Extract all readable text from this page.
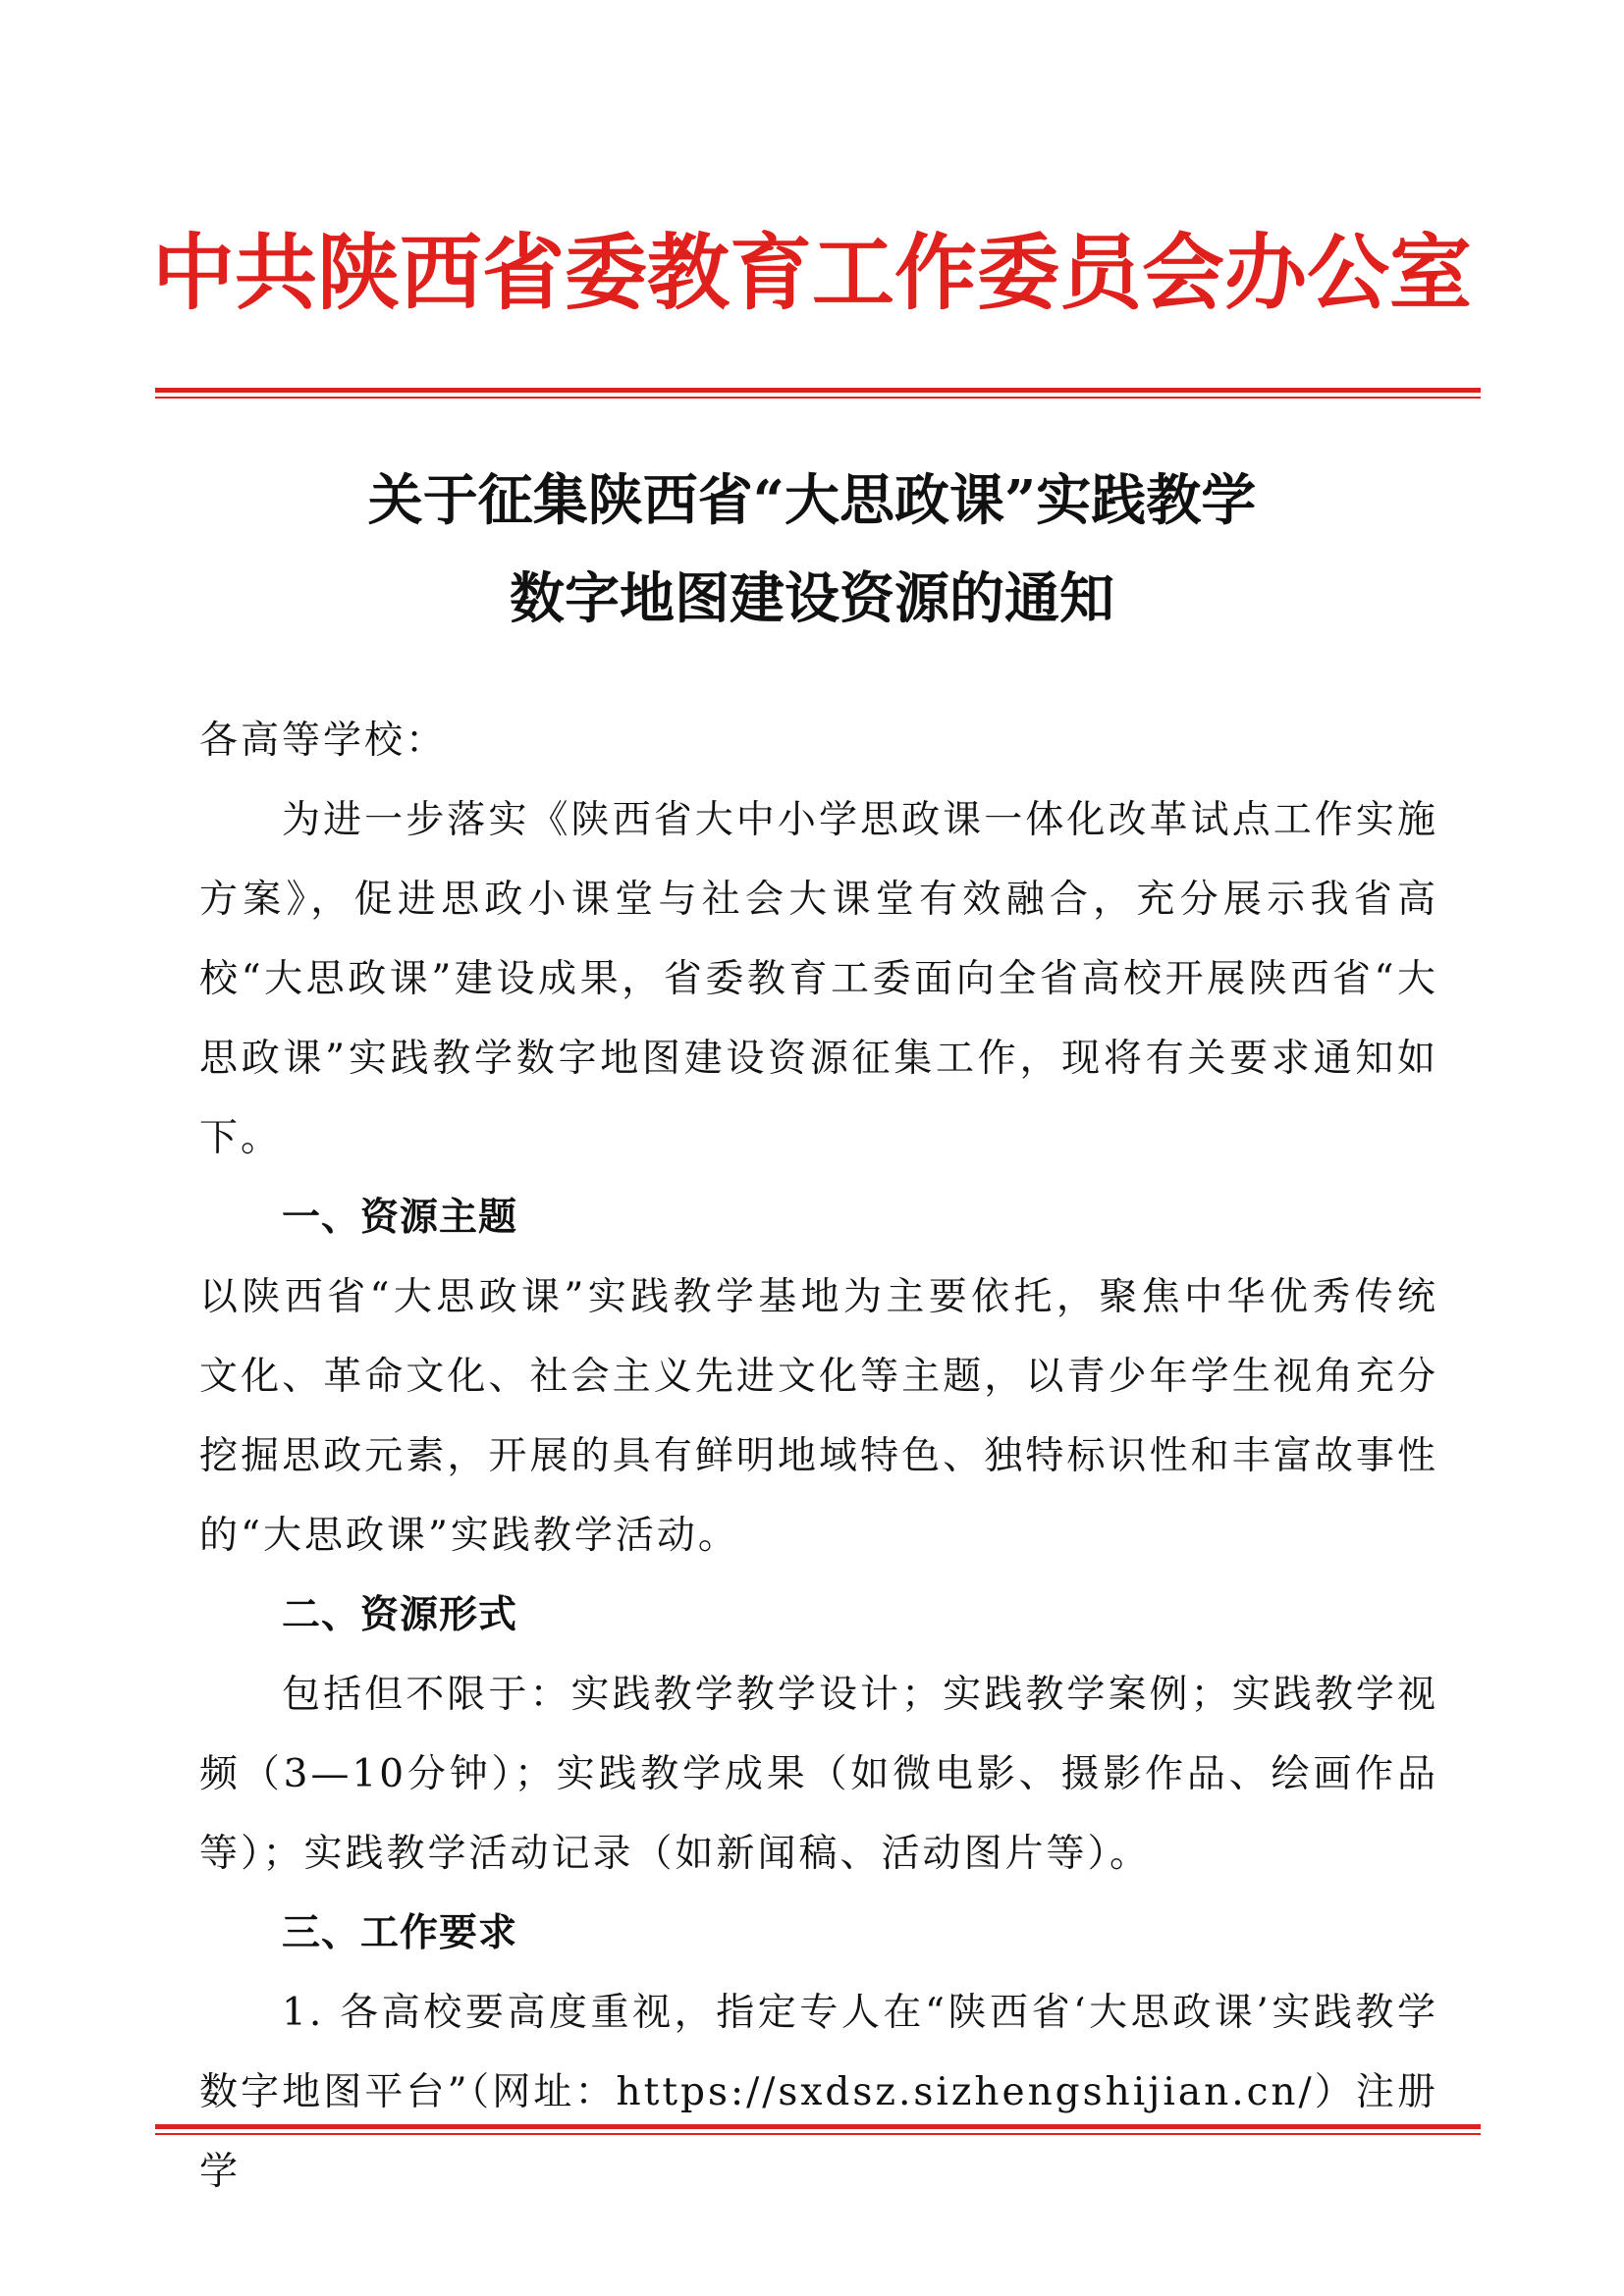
中共陕西省委教育工作委员会办公室
关于征集陕西省“大思政课”实践教学
数字地图建设资源的通知

各高等学校：

为进一步落实《陕西省大中小学思政课一体化改革试点工作实施方案》，促进思政小课堂与社会大课堂有效融合，充分展示我省高校“大思政课”建设成果，省委教育工委面向全省高校开展陕西省“大思政课”实践教学数字地图建设资源征集工作，现将有关要求通知如下。

一、资源主题

以陕西省“大思政课”实践教学基地为主要依托，聚焦中华优秀传统文化、革命文化、社会主义先进文化等主题，以青少年学生视角充分挖掘思政元素，开展的具有鲜明地域特色、独特标识性和丰富故事性的“大思政课”实践教学活动。

二、资源形式

包括但不限于：实践教学教学设计；实践教学案例；实践教学视频（3—10分钟）；实践教学成果（如微电影、摄影作品、绘画作品等）；实践教学活动记录（如新闻稿、活动图片等）。

三、工作要求

1. 各高校要高度重视，指定专人在“陕西省‘大思政课’实践教学数字地图平台”（网址：https://sxdsz.sizhengshijian.cn/）注册学
